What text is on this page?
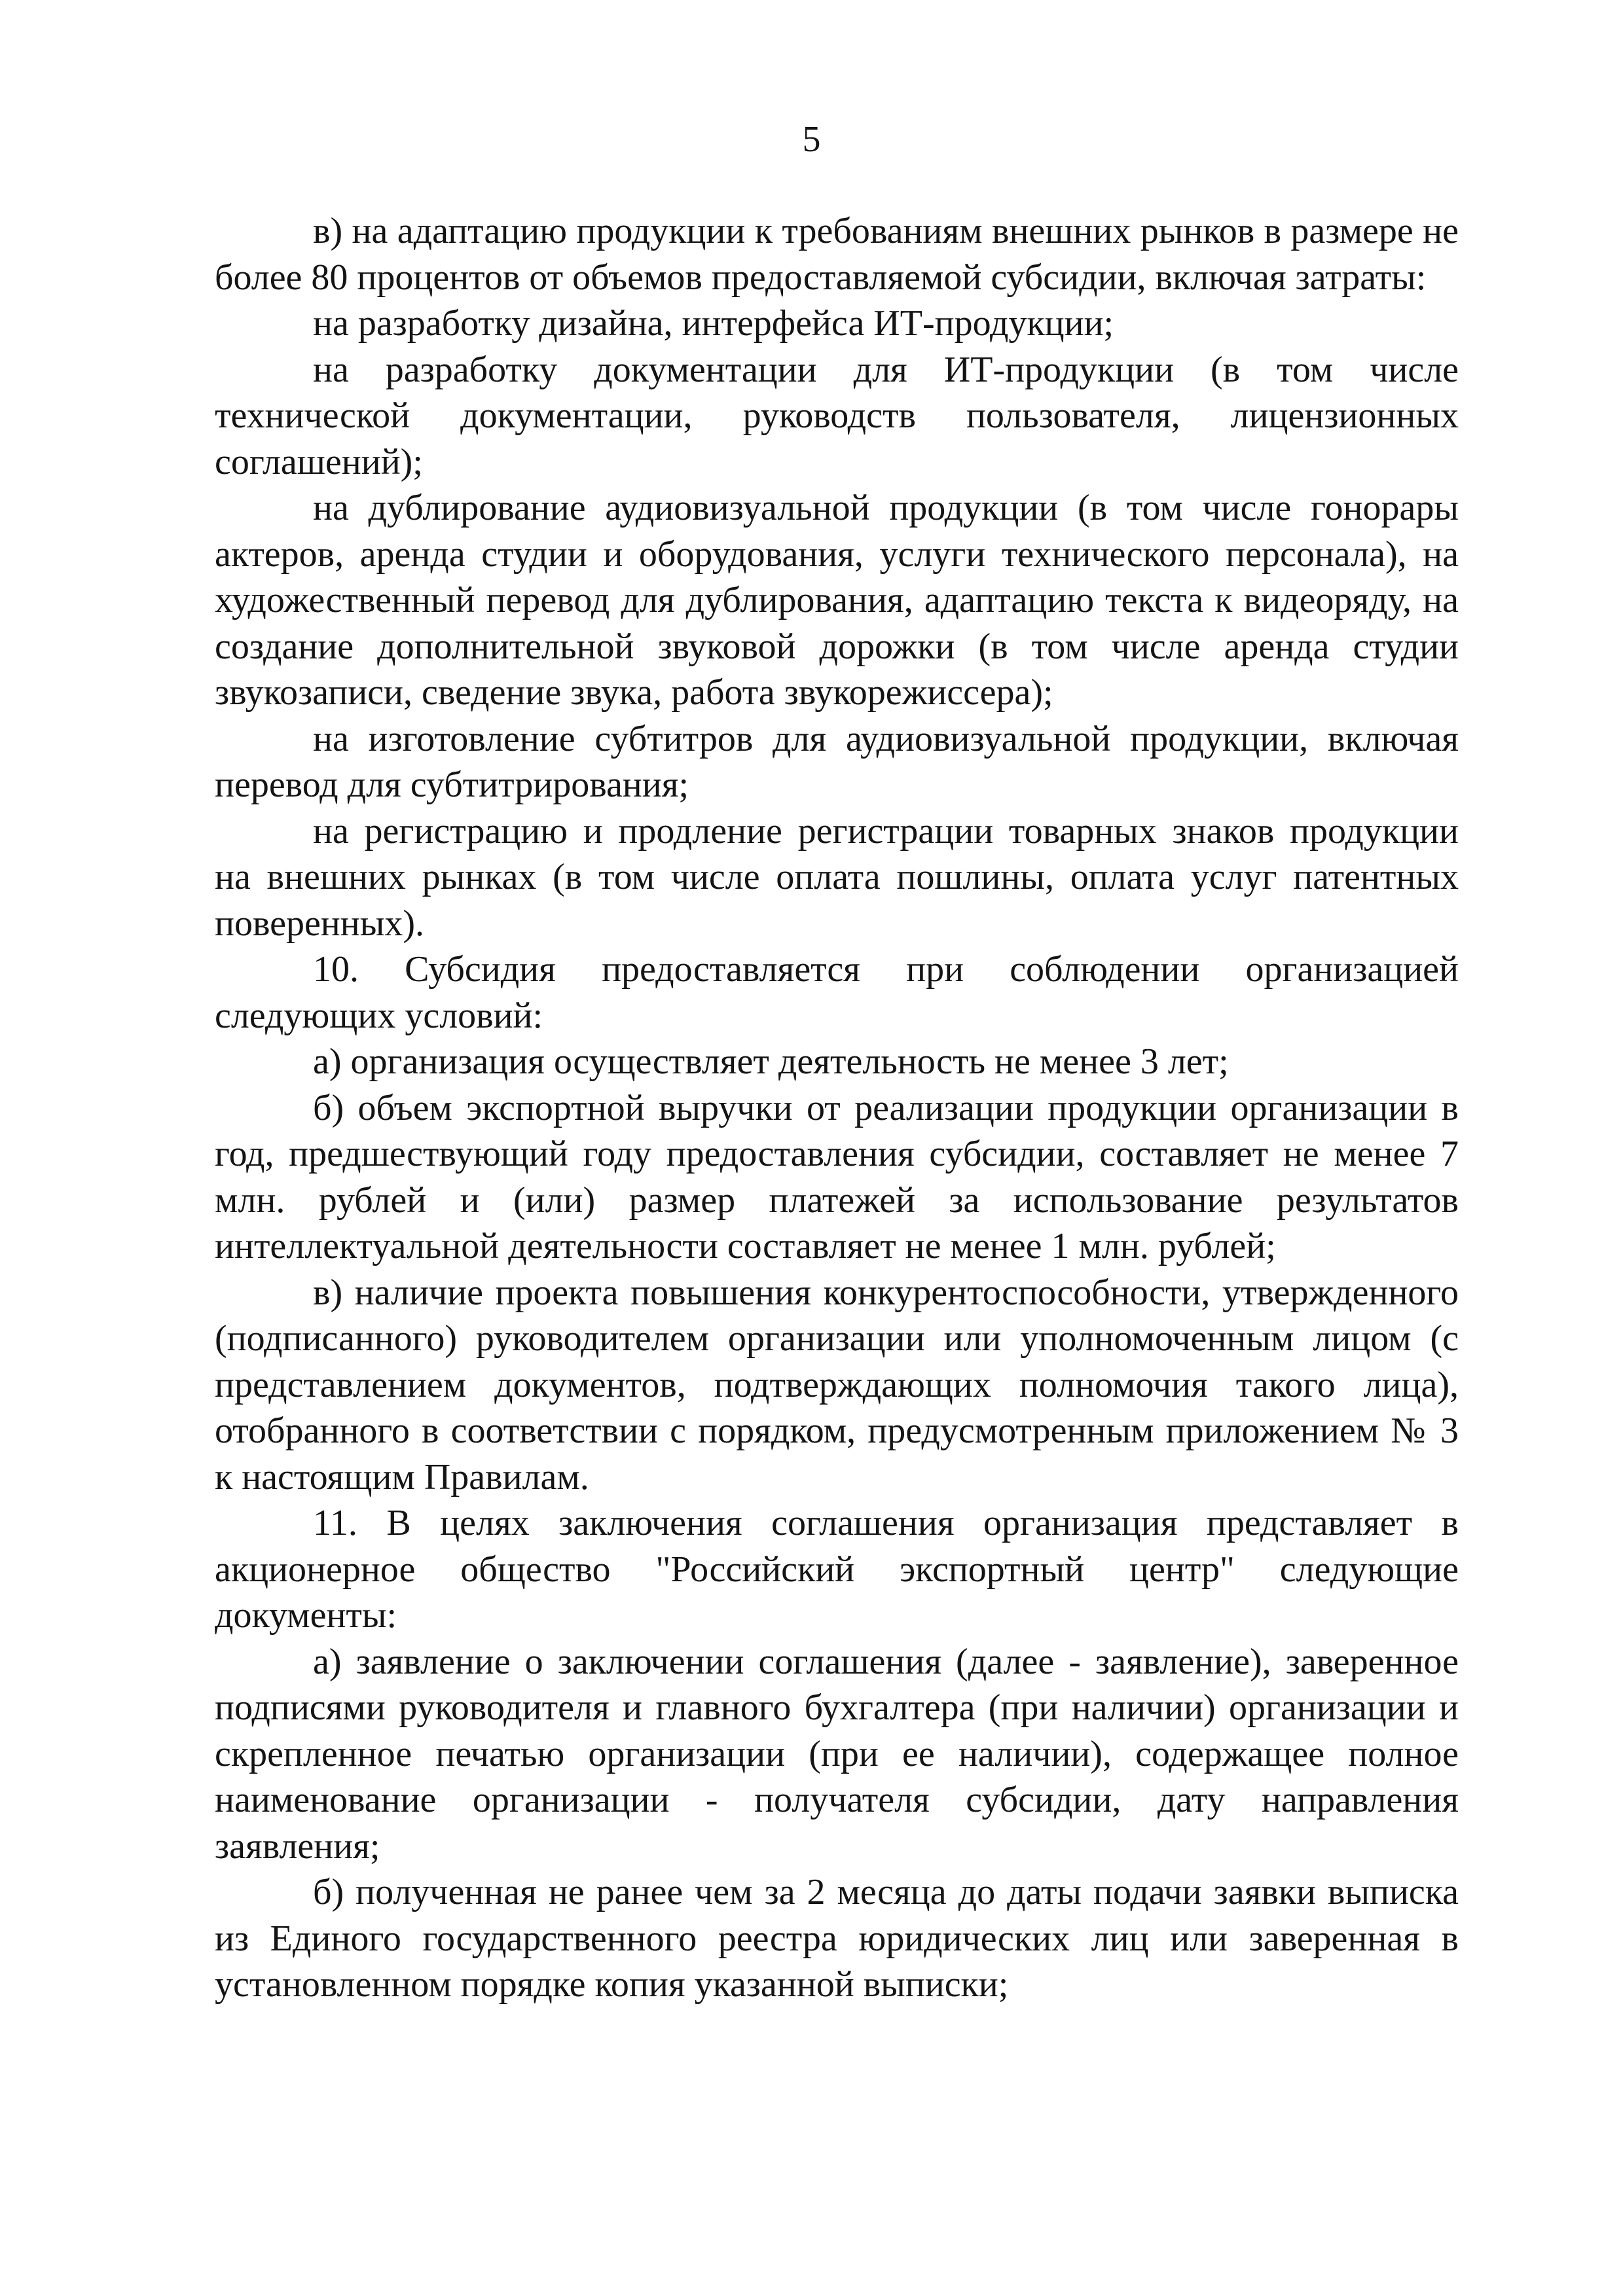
5

в) на адаптацию продукции к требованиям внешних рынков в размере не более 80 процентов от объемов предоставляемой субсидии, включая затраты:

на разработку дизайна, интерфейса ИТ-продукции;

на разработку документации для ИТ-продукции (в том числе технической документации, руководств пользователя, лицензионных соглашений);

на дублирование аудиовизуальной продукции (в том числе гонорары актеров, аренда студии и оборудования, услуги технического персонала), на художественный перевод для дублирования, адаптацию текста к видеоряду, на создание дополнительной звуковой дорожки (в том числе аренда студии звукозаписи, сведение звука, работа звукорежиссера);

на изготовление субтитров для аудиовизуальной продукции, включая перевод для субтитрирования;

на регистрацию и продление регистрации товарных знаков продукции на внешних рынках (в том числе оплата пошлины, оплата услуг патентных поверенных).

10. Субсидия предоставляется при соблюдении организацией следующих условий:

а) организация осуществляет деятельность не менее 3 лет;

б) объем экспортной выручки от реализации продукции организации в год, предшествующий году предоставления субсидии, составляет не менее 7 млн. рублей и (или) размер платежей за использование результатов интеллектуальной деятельности составляет не менее 1 млн. рублей;

в) наличие проекта повышения конкурентоспособности, утвержденного (подписанного) руководителем организации или уполномоченным лицом (с представлением документов, подтверждающих полномочия такого лица), отобранного в соответствии с порядком, предусмотренным приложением № 3 к настоящим Правилам.

11. В целях заключения соглашения организация представляет в акционерное общество "Российский экспортный центр" следующие документы:

а) заявление о заключении соглашения (далее - заявление), заверенное подписями руководителя и главного бухгалтера (при наличии) организации и скрепленное печатью организации (при ее наличии), содержащее полное наименование организации - получателя субсидии, дату направления заявления;

б) полученная не ранее чем за 2 месяца до даты подачи заявки выписка из Единого государственного реестра юридических лиц или заверенная в установленном порядке копия указанной выписки;
